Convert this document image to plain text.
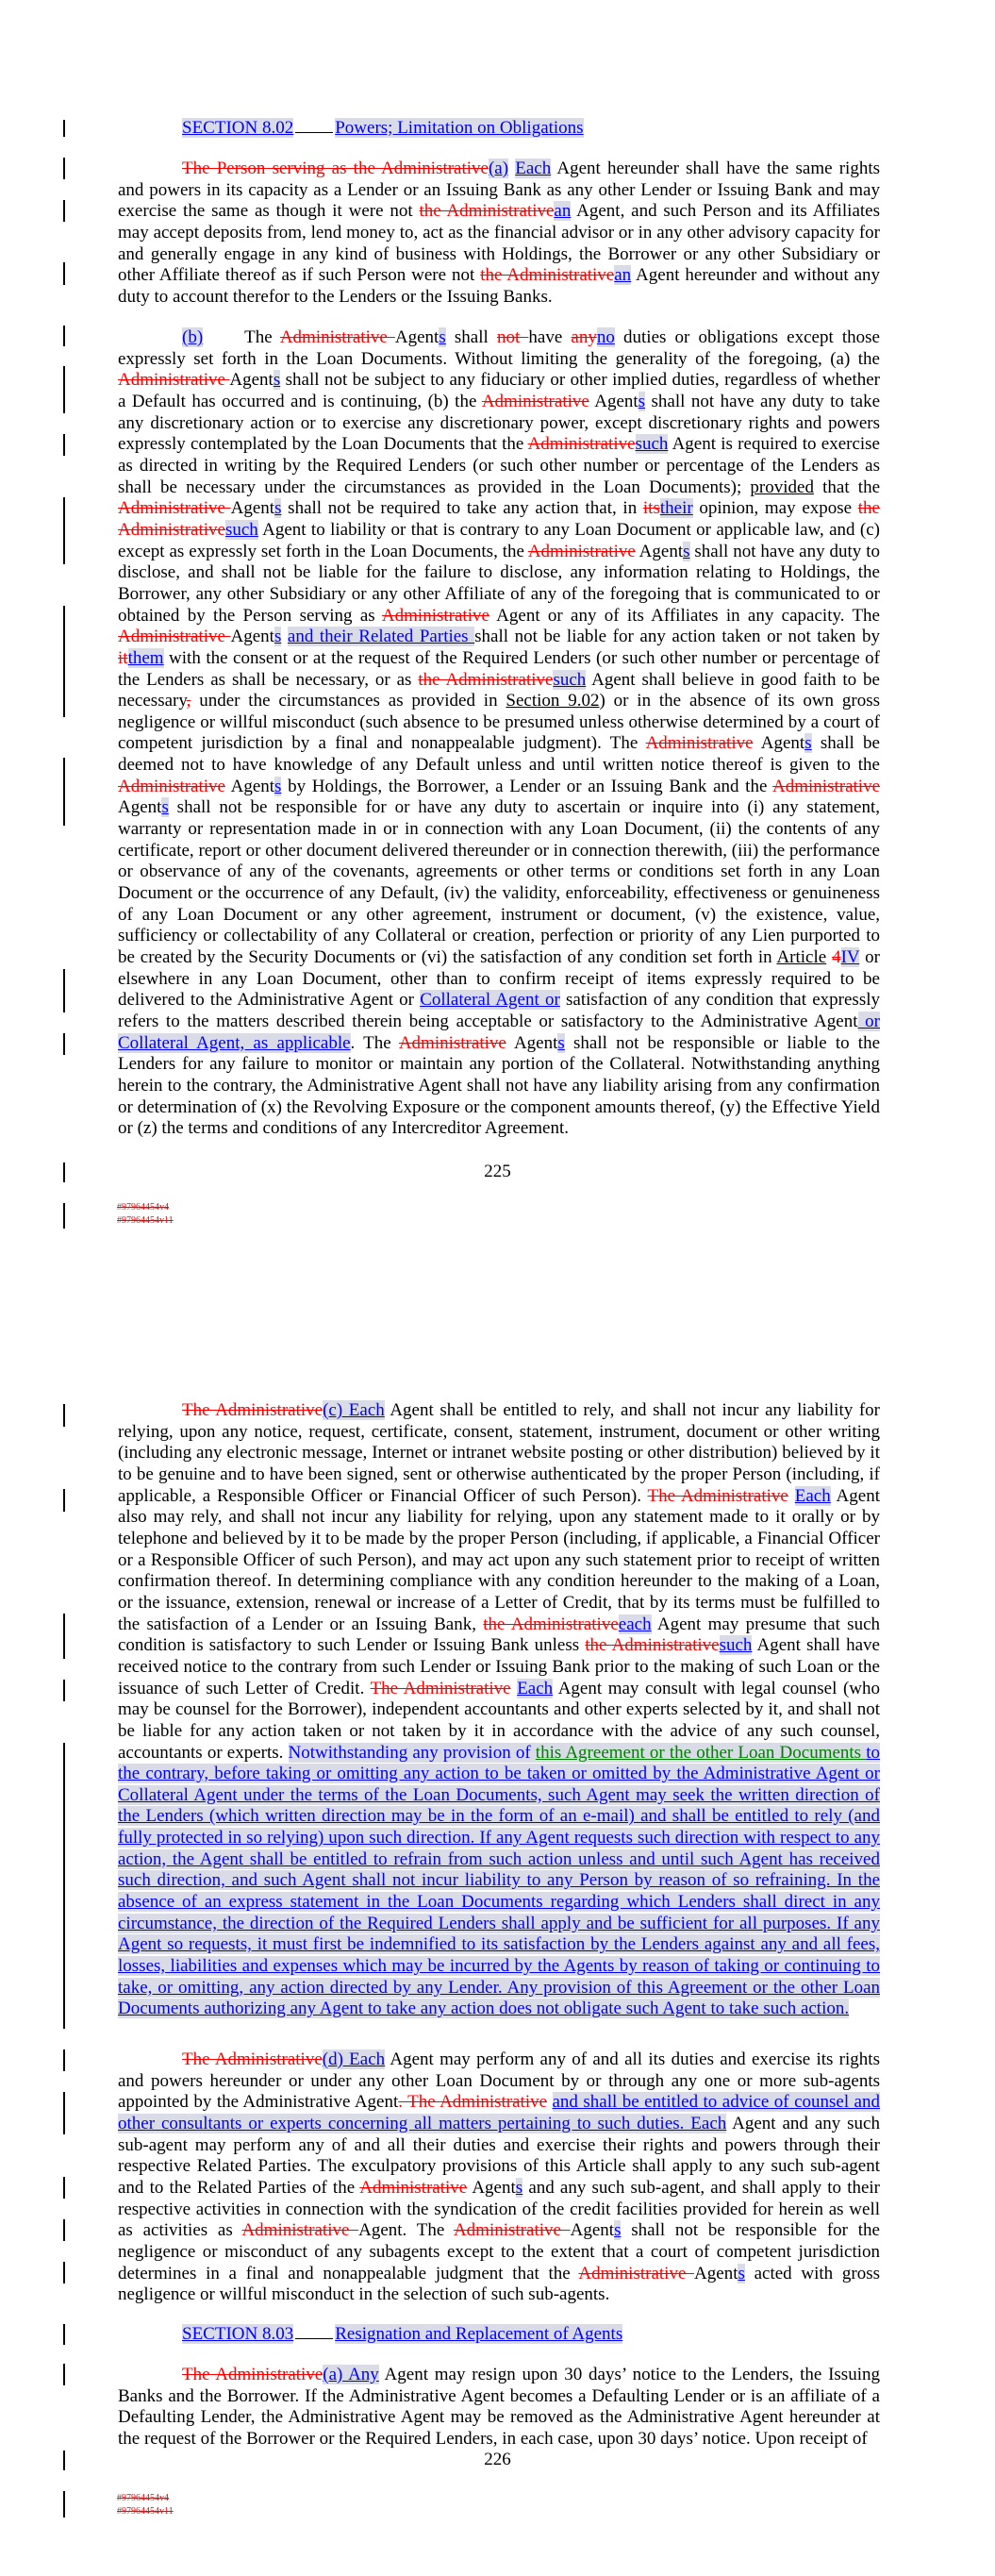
SECTION 8.02 Powers; Limitation on Obligations
The Person serving as the Administrative(a) Each Agent hereunder shall have the same rights and powers in its capacity as a Lender or an Issuing Bank as any other Lender or Issuing Bank and may exercise the same as though it were not the Administrativean Agent, and such Person and its Affiliates may accept deposits from, lend money to, act as the financial advisor or in any other advisory capacity for and generally engage in any kind of business with Holdings, the Borrower or any other Subsidiary or other Affiliate thereof as if such Person were not the Administrativean Agent hereunder and without any duty to account therefor to the Lenders or the Issuing Banks.
(b) The Administrative Agents shall not have anyno duties or obligations except those expressly set forth in the Loan Documents. Without limiting the generality of the foregoing, (a) the Administrative Agents shall not be subject to any fiduciary or other implied duties, regardless of whether a Default has occurred and is continuing, (b) the Administrative Agents shall not have any duty to take any discretionary action or to exercise any discretionary power, except discretionary rights and powers expressly contemplated by the Loan Documents that the Administrativesuch Agent is required to exercise as directed in writing by the Required Lenders (or such other number or percentage of the Lenders as shall be necessary under the circumstances as provided in the Loan Documents); provided that the Administrative Agents shall not be required to take any action that, in itstheir opinion, may expose the Administrativesuch Agent to liability or that is contrary to any Loan Document or applicable law, and (c) except as expressly set forth in the Loan Documents, the Administrative Agents shall not have any duty to disclose, and shall not be liable for the failure to disclose, any information relating to Holdings, the Borrower, any other Subsidiary or any other Affiliate of any of the foregoing that is communicated to or obtained by the Person serving as Administrative Agent or any of its Affiliates in any capacity. The Administrative Agents and their Related Parties shall not be liable for any action taken or not taken by itthem with the consent or at the request of the Required Lenders (or such other number or percentage of the Lenders as shall be necessary, or as the Administrativesuch Agent shall believe in good faith to be necessary, under the circumstances as provided in Section 9.02) or in the absence of its own gross negligence or willful misconduct (such absence to be presumed unless otherwise determined by a court of competent jurisdiction by a final and nonappealable judgment). The Administrative Agents shall be deemed not to have knowledge of any Default unless and until written notice thereof is given to the Administrative Agents by Holdings, the Borrower, a Lender or an Issuing Bank and the Administrative Agents shall not be responsible for or have any duty to ascertain or inquire into (i) any statement, warranty or representation made in or in connection with any Loan Document, (ii) the contents of any certificate, report or other document delivered thereunder or in connection therewith, (iii) the performance or observance of any of the covenants, agreements or other terms or conditions set forth in any Loan Document or the occurrence of any Default, (iv) the validity, enforceability, effectiveness or genuineness of any Loan Document or any other agreement, instrument or document, (v) the existence, value, sufficiency or collectability of any Collateral or creation, perfection or priority of any Lien purported to be created by the Security Documents or (vi) the satisfaction of any condition set forth in Article 4IV or elsewhere in any Loan Document, other than to confirm receipt of items expressly required to be delivered to the Administrative Agent or Collateral Agent or satisfaction of any condition that expressly refers to the matters described therein being acceptable or satisfactory to the Administrative Agent or Collateral Agent, as applicable. The Administrative Agents shall not be responsible or liable to the Lenders for any failure to monitor or maintain any portion of the Collateral. Notwithstanding anything herein to the contrary, the Administrative Agent shall not have any liability arising from any confirmation or determination of (x) the Revolving Exposure or the component amounts thereof, (y) the Effective Yield or (z) the terms and conditions of any Intercreditor Agreement.
The Administrative(c) Each Agent shall be entitled to rely, and shall not incur any liability for relying, upon any notice, request, certificate, consent, statement, instrument, document or other writing (including any electronic message, Internet or intranet website posting or other distribution) believed by it to be genuine and to have been signed, sent or otherwise authenticated by the proper Person (including, if applicable, a Responsible Officer or Financial Officer of such Person). The Administrative Each Agent also may rely, and shall not incur any liability for relying, upon any statement made to it orally or by telephone and believed by it to be made by the proper Person (including, if applicable, a Financial Officer or a Responsible Officer of such Person), and may act upon any such statement prior to receipt of written confirmation thereof. In determining compliance with any condition hereunder to the making of a Loan, or the issuance, extension, renewal or increase of a Letter of Credit, that by its terms must be fulfilled to the satisfaction of a Lender or an Issuing Bank, the Administrativeeach Agent may presume that such condition is satisfactory to such Lender or Issuing Bank unless the Administrativesuch Agent shall have received notice to the contrary from such Lender or Issuing Bank prior to the making of such Loan or the issuance of such Letter of Credit. The Administrative Each Agent may consult with legal counsel (who may be counsel for the Borrower), independent accountants and other experts selected by it, and shall not be liable for any action taken or not taken by it in accordance with the advice of any such counsel, accountants or experts. Notwithstanding any provision of this Agreement or the other Loan Documents to the contrary, before taking or omitting any action to be taken or omitted by the Administrative Agent or Collateral Agent under the terms of the Loan Documents, such Agent may seek the written direction of the Lenders (which written direction may be in the form of an e-mail) and shall be entitled to rely (and fully protected in so relying) upon such direction. If any Agent requests such direction with respect to any action, the Agent shall be entitled to refrain from such action unless and until such Agent has received such direction, and such Agent shall not incur liability to any Person by reason of so refraining. In the absence of an express statement in the Loan Documents regarding which Lenders shall direct in any circumstance, the direction of the Required Lenders shall apply and be sufficient for all purposes. If any Agent so requests, it must first be indemnified to its satisfaction by the Lenders against any and all fees, losses, liabilities and expenses which may be incurred by the Agents by reason of taking or continuing to take, or omitting, any action directed by any Lender. Any provision of this Agreement or the other Loan Documents authorizing any Agent to take any action does not obligate such Agent to take such action.
The Administrative(d) Each Agent may perform any of and all its duties and exercise its rights and powers hereunder or under any other Loan Document by or through any one or more sub-agents appointed by the Administrative Agent. The Administrative and shall be entitled to advice of counsel and other consultants or experts concerning all matters pertaining to such duties. Each Agent and any such sub-agent may perform any of and all their duties and exercise their rights and powers through their respective Related Parties. The exculpatory provisions of this Article shall apply to any such sub-agent and to the Related Parties of the Administrative Agents and any such sub-agent, and shall apply to their respective activities in connection with the syndication of the credit facilities provided for herein as well as activities as Administrative Agent. The Administrative Agents shall not be responsible for the negligence or misconduct of any subagents except to the extent that a court of competent jurisdiction determines in a final and nonappealable judgment that the Administrative Agents acted with gross negligence or willful misconduct in the selection of such sub-agents.
SECTION 8.03 Resignation and Replacement of Agents
The Administrative(a) Any Agent may resign upon 30 days’ notice to the Lenders, the Issuing Banks and the Borrower. If the Administrative Agent becomes a Defaulting Lender or is an affiliate of a Defaulting Lender, the Administrative Agent may be removed as the Administrative Agent hereunder at the request of the Borrower or the Required Lenders, in each case, upon 30 days’ notice. Upon receipt of
225
#97964454v4
#97964454v11
226
#97964454v4
#97964454v11
